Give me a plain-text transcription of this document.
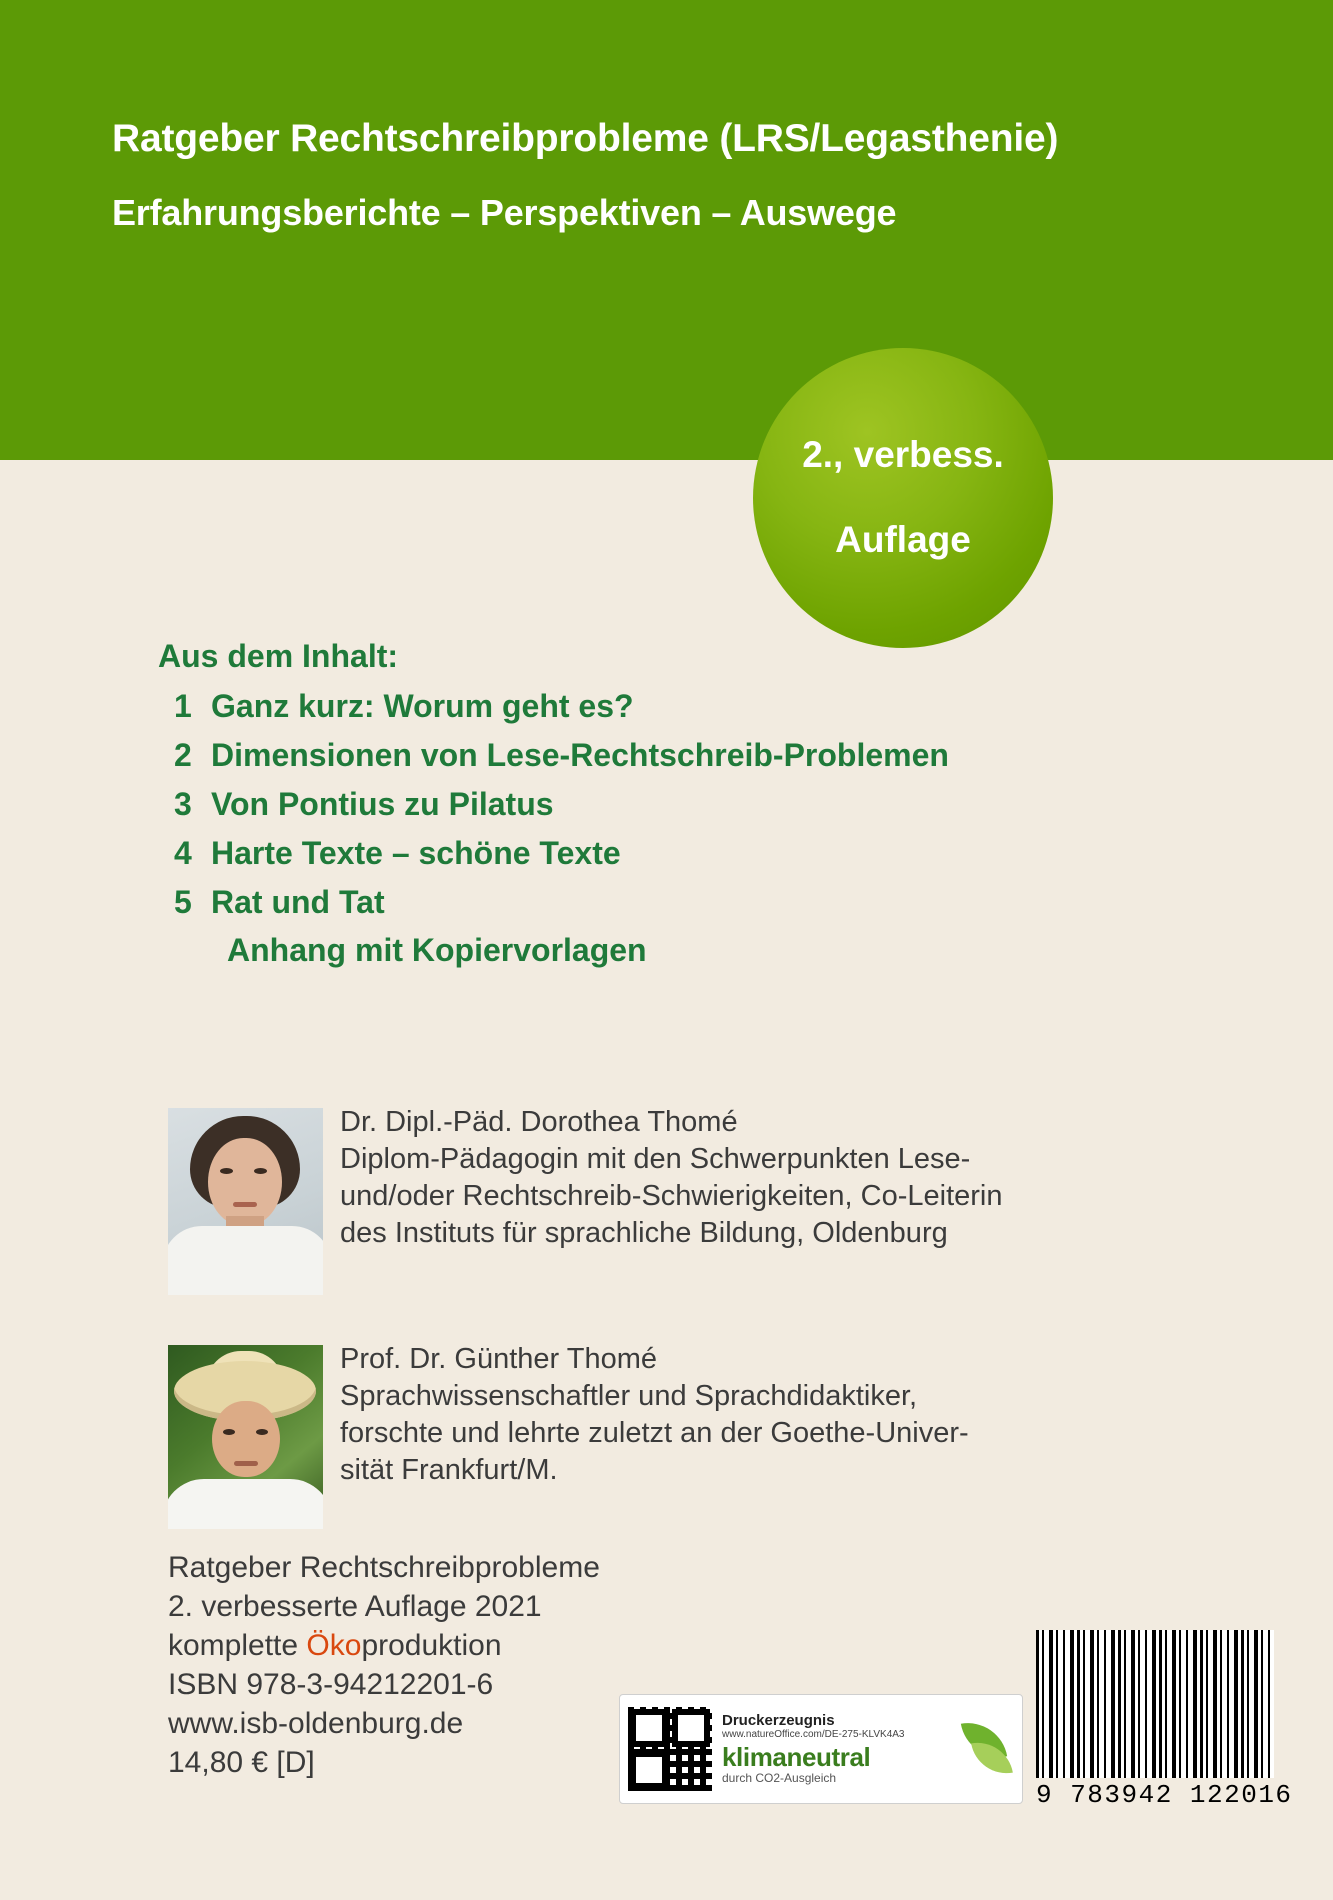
Ratgeber Rechtschreibprobleme (LRS/Legasthenie)
Erfahrungsberichte – Perspektiven – Auswege
2., verbess.
Auflage
Aus dem Inhalt:
1 Ganz kurz: Worum geht es?
2 Dimensionen von Lese-Rechtschreib-Problemen
3 Von Pontius zu Pilatus
4 Harte Texte – schöne Texte
5 Rat und Tat
Anhang mit Kopiervorlagen
Dr. Dipl.-Päd. Dorothea Thomé
Diplom-Pädagogin mit den Schwerpunkten Lese-
und/oder Rechtschreib-Schwierigkeiten, Co-Leiterin
des Instituts für sprachliche Bildung, Oldenburg
Prof. Dr. Günther Thomé
Sprachwissenschaftler und Sprachdidaktiker,
forschte und lehrte zuletzt an der Goethe-Univer-
sität Frankfurt/M.
Ratgeber Rechtschreibprobleme
2. verbesserte Auflage 2021
komplette Ökoproduktion
ISBN 978-3-94212201-6
www.isb-oldenburg.de
14,80 € [D]
Druckerzeugnis
www.natureOffice.com/DE-275-KLVK4A3
klimaneutral
durch CO2-Ausgleich
9 783942 122016
